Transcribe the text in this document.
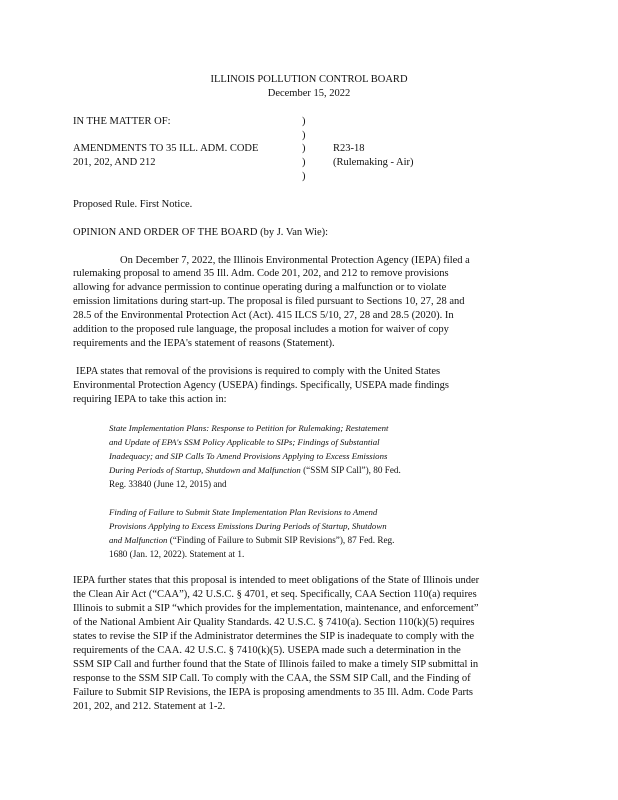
ILLINOIS POLLUTION CONTROL BOARD
December 15, 2022
IN THE MATTER OF:
AMENDMENTS TO 35 ILL. ADM. CODE
201, 202, AND 212
)
)
)
)
)
R23-18
(Rulemaking - Air)
Proposed Rule. First Notice.
OPINION AND ORDER OF THE BOARD (by J. Van Wie):
On December 7, 2022, the Illinois Environmental Protection Agency (IEPA) filed a
rulemaking proposal to amend 35 Ill. Adm. Code 201, 202, and 212 to remove provisions
allowing for advance permission to continue operating during a malfunction or to violate
emission limitations during start-up. The proposal is filed pursuant to Sections 10, 27, 28 and
28.5 of the Environmental Protection Act (Act). 415 ILCS 5/10, 27, 28 and 28.5 (2020). In
addition to the proposed rule language, the proposal includes a motion for waiver of copy
requirements and the IEPA's statement of reasons (Statement).
IEPA states that removal of the provisions is required to comply with the United States
Environmental Protection Agency (USEPA) findings. Specifically, USEPA made findings
requiring IEPA to take this action in:
State Implementation Plans: Response to Petition for Rulemaking; Restatement
and Update of EPA's SSM Policy Applicable to SIPs; Findings of Substantial
Inadequacy; and SIP Calls To Amend Provisions Applying to Excess Emissions
During Periods of Startup, Shutdown and Malfunction (“SSM SIP Call”), 80 Fed.
Reg. 33840 (June 12, 2015) and
Finding of Failure to Submit State Implementation Plan Revisions to Amend
Provisions Applying to Excess Emissions During Periods of Startup, Shutdown
and Malfunction (“Finding of Failure to Submit SIP Revisions”), 87 Fed. Reg.
1680 (Jan. 12, 2022). Statement at 1.
IEPA further states that this proposal is intended to meet obligations of the State of Illinois under
the Clean Air Act (“CAA”), 42 U.S.C. § 4701, et seq. Specifically, CAA Section 110(a) requires
Illinois to submit a SIP “which provides for the implementation, maintenance, and enforcement”
of the National Ambient Air Quality Standards. 42 U.S.C. § 7410(a). Section 110(k)(5) requires
states to revise the SIP if the Administrator determines the SIP is inadequate to comply with the
requirements of the CAA. 42 U.S.C. § 7410(k)(5). USEPA made such a determination in the
SSM SIP Call and further found that the State of Illinois failed to make a timely SIP submittal in
response to the SSM SIP Call. To comply with the CAA, the SSM SIP Call, and the Finding of
Failure to Submit SIP Revisions, the IEPA is proposing amendments to 35 Ill. Adm. Code Parts
201, 202, and 212. Statement at 1-2.
